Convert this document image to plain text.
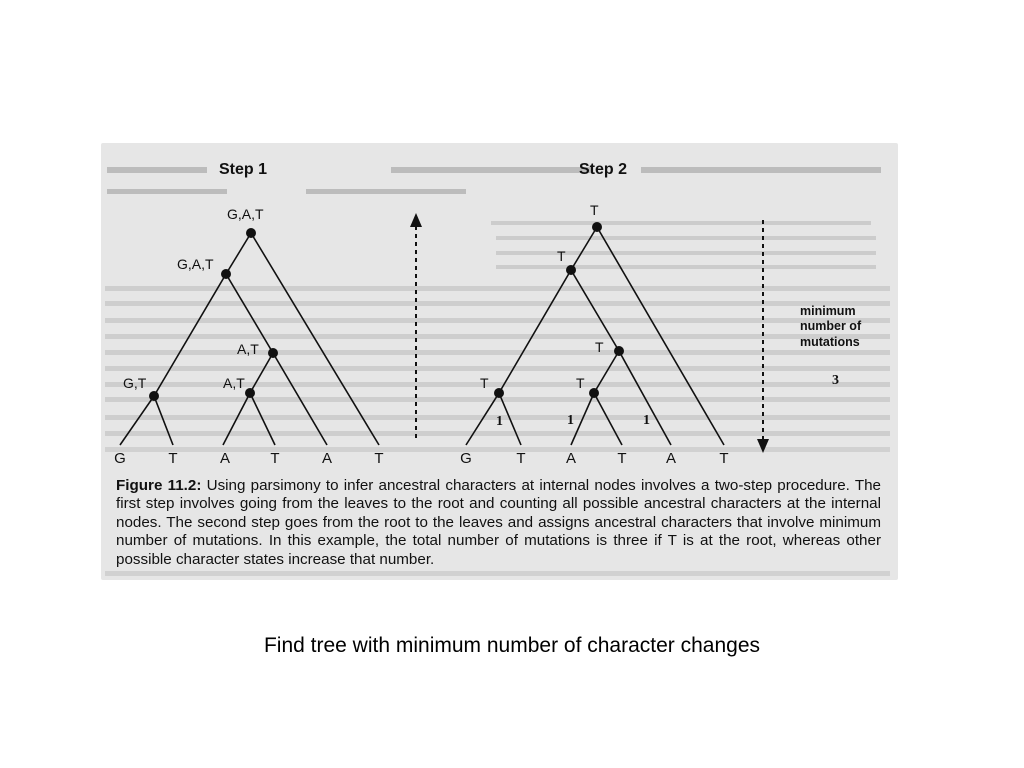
Step 1	Step 2
G,A,T
G,A,T
A,T
G,T	A,T
G	T	A	T	A	T
T
T
T
T	T
1	1	1
G	T	A	T	A	T
minimum
number of
mutations
3
Figure 11.2: Using parsimony to infer ancestral characters at internal nodes involves a two-step procedure. The first step involves going from the leaves to the root and counting all possible ancestral characters at the internal nodes. The second step goes from the root to the leaves and assigns ancestral characters that involve minimum number of mutations. In this example, the total number of mutations is three if T is at the root, whereas other possible character states increase that number.
Find tree with minimum number of character changes
